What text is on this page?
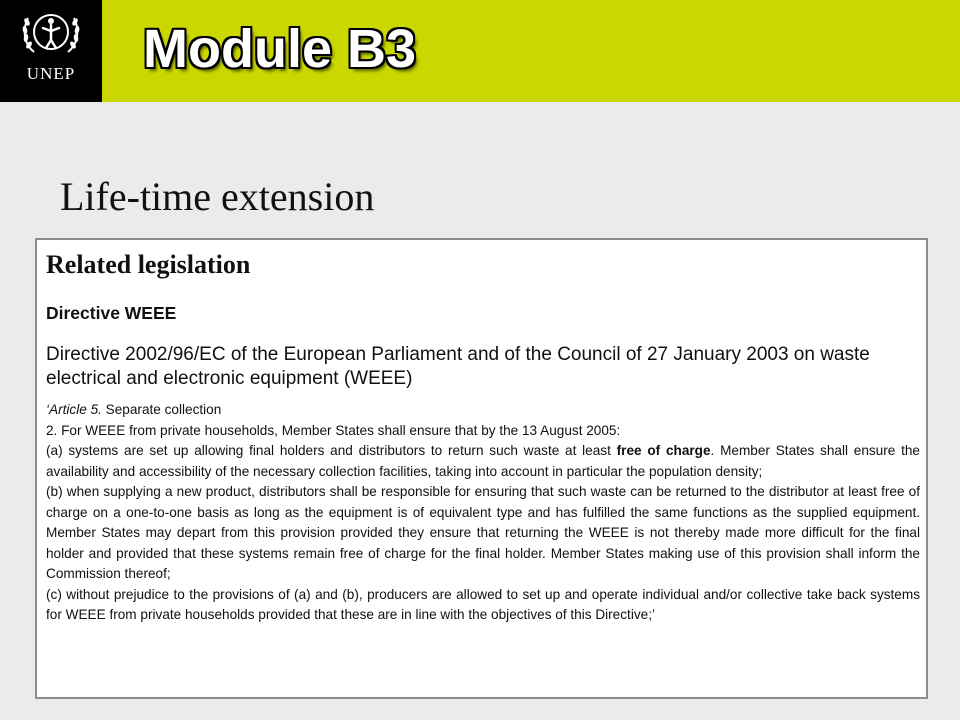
UNEP	Module B3
Life-time extension
Related legislation
Directive WEEE
Directive 2002/96/EC of the European Parliament and of the Council of 27 January 2003 on waste electrical and electronic equipment (WEEE)

‘Article 5. Separate collection

2. For WEEE from private households, Member States shall ensure that by the 13 August 2005:

(a) systems are set up allowing final holders and distributors to return such waste at least free of charge. Member States shall ensure the availability and accessibility of the necessary collection facilities, taking into account in particular the population density;

(b) when supplying a new product, distributors shall be responsible for ensuring that such waste can be returned to the distributor at least free of charge on a one-to-one basis as long as the equipment is of equivalent type and has fulfilled the same functions as the supplied equipment. Member States may depart from this provision provided they ensure that returning the WEEE is not thereby made more difficult for the final holder and provided that these systems remain free of charge for the final holder. Member States making use of this provision shall inform the Commission thereof;

(c) without prejudice to the provisions of (a) and (b), producers are allowed to set up and operate individual and/or collective take back systems for WEEE from private households provided that these are in line with the objectives of this Directive;’
